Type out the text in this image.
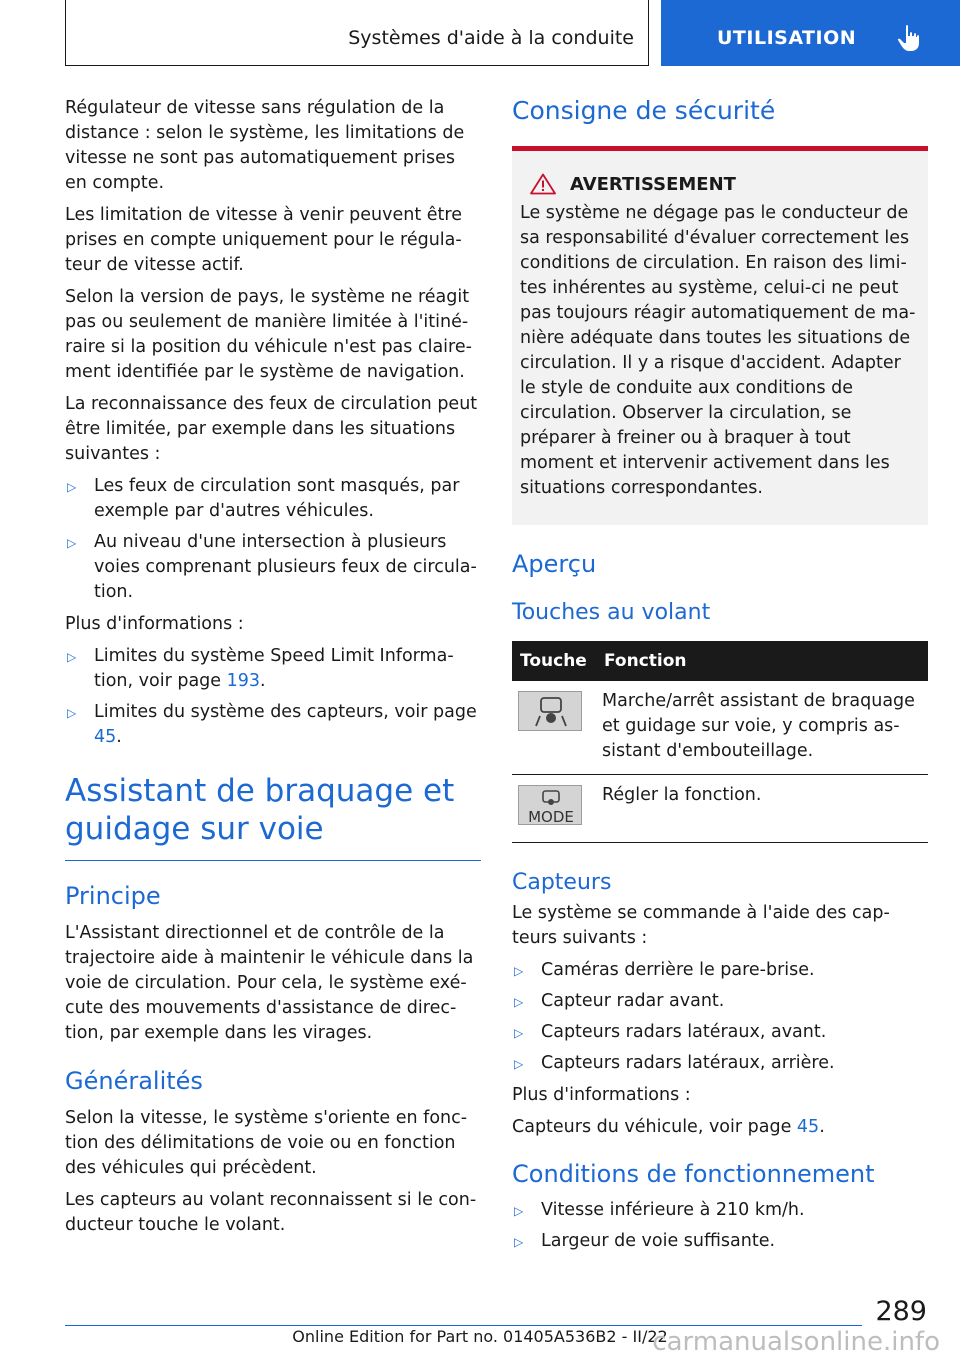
Systèmes d'aide à la conduite	UTILISATION

Régulateur de vitesse sans régulation de la distance : selon le système, les limitations de vitesse ne sont pas automatiquement prises en compte.

Les limitation de vitesse à venir peuvent être prises en compte uniquement pour le régulateur de vitesse actif.

Selon la version de pays, le système ne réagit pas ou seulement de manière limitée à l'itinéraire si la position du véhicule n'est pas clairement identifiée par le système de navigation.

La reconnaissance des feux de circulation peut être limitée, par exemple dans les situations suivantes :

▷ Les feux de circulation sont masqués, par exemple par d'autres véhicules.
▷ Au niveau d'une intersection à plusieurs voies comprenant plusieurs feux de circulation.

Plus d'informations :

▷ Limites du système Speed Limit Information, voir page 193.
▷ Limites du système des capteurs, voir page 45.
Assistant de braquage et guidage sur voie
Principe

L'Assistant directionnel et de contrôle de la trajectoire aide à maintenir le véhicule dans la voie de circulation. Pour cela, le système exécute des mouvements d'assistance de direction, par exemple dans les virages.

Généralités

Selon la vitesse, le système s'oriente en fonction des délimitations de voie ou en fonction des véhicules qui précèdent.

Les capteurs au volant reconnaissent si le conducteur touche le volant.

Consigne de sécurité
AVERTISSEMENT

Le système ne dégage pas le conducteur de sa responsabilité d'évaluer correctement les conditions de circulation. En raison des limites inhérentes au système, celui-ci ne peut pas toujours réagir automatiquement de manière adéquate dans toutes les situations de circulation. Il y a risque d'accident. Adapter le style de conduite aux conditions de circulation. Observer la circulation, se préparer à freiner ou à braquer à tout moment et intervenir activement dans les situations correspondantes.

Aperçu
Touches au volant
Touche	Fonction

	Marche/arrêt assistant de braquage et guidage sur voie, y compris assistant d'embouteillage.

MODE	Régler la fonction.
Capteurs

Le système se commande à l'aide des capteurs suivants :

▷ Caméras derrière le pare-brise.
▷ Capteur radar avant.
▷ Capteurs radars latéraux, avant.
▷ Capteurs radars latéraux, arrière.

Plus d'informations :

Capteurs du véhicule, voir page 45.

Conditions de fonctionnement
▷ Vitesse inférieure à 210 km/h.
▷ Largeur de voie suffisante.
289
Online Edition for Part no. 01405A536B2 - II/22
carmanualsonline.info
